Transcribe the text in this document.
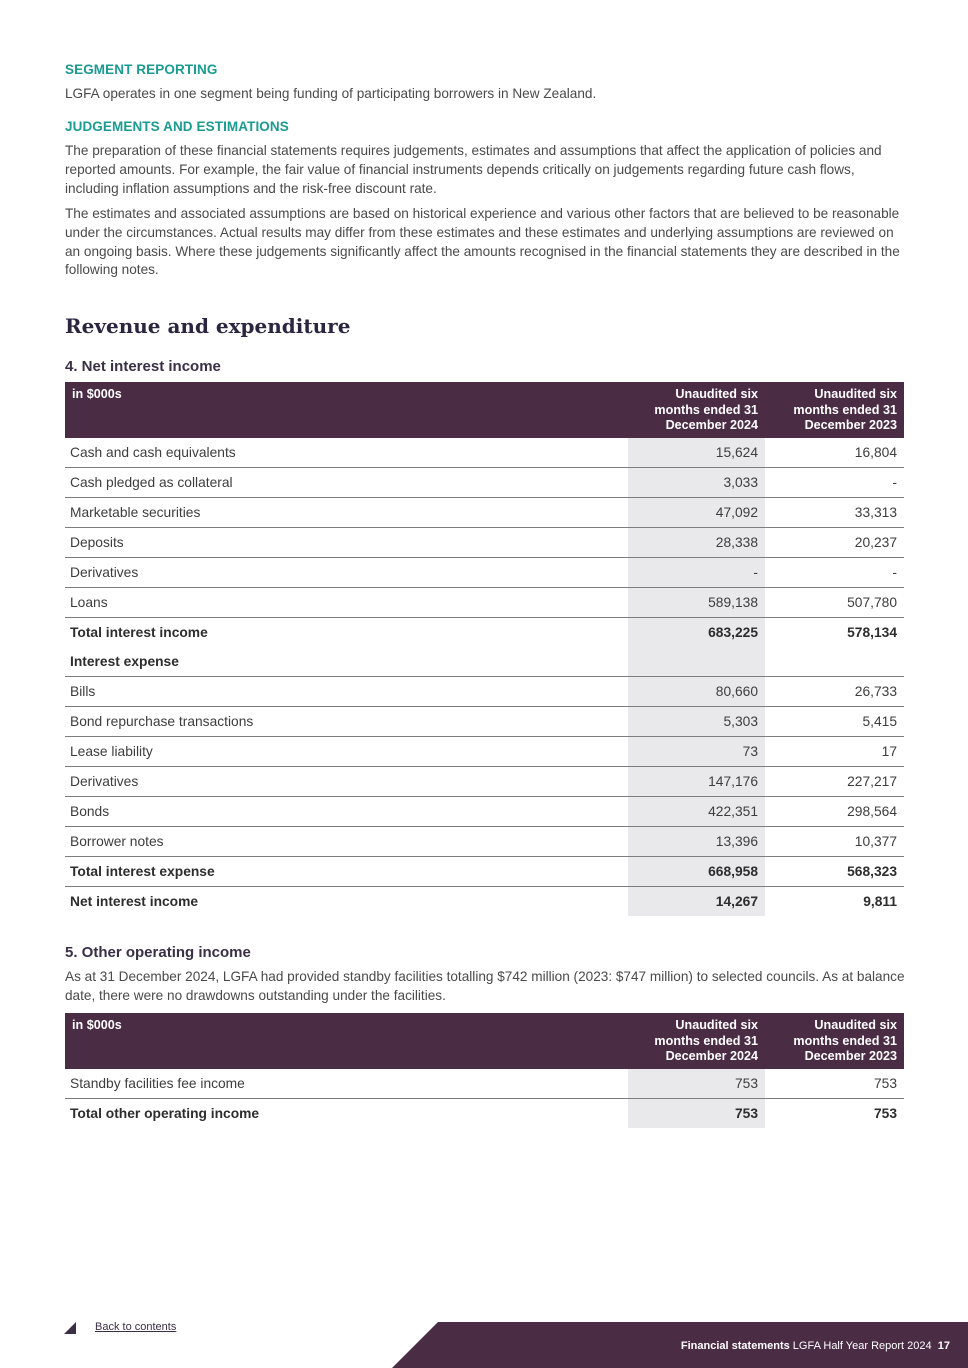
SEGMENT REPORTING
LGFA operates in one segment being funding of participating borrowers in New Zealand.
JUDGEMENTS AND ESTIMATIONS
The preparation of these financial statements requires judgements, estimates and assumptions that affect the application of policies and reported amounts. For example, the fair value of financial instruments depends critically on judgements regarding future cash flows, including inflation assumptions and the risk-free discount rate.
The estimates and associated assumptions are based on historical experience and various other factors that are believed to be reasonable under the circumstances. Actual results may differ from these estimates and these estimates and underlying assumptions are reviewed on an ongoing basis. Where these judgements significantly affect the amounts recognised in the financial statements they are described in the following notes.
Revenue and expenditure
4. Net interest income
in $000s	Unaudited six months ended 31 December 2024	Unaudited six months ended 31 December 2023
Cash and cash equivalents	15,624	16,804
Cash pledged as collateral	3,033	-
Marketable securities	47,092	33,313
Deposits	28,338	20,237
Derivatives	-	-
Loans	589,138	507,780
Total interest income	683,225	578,134
Interest expense		
Bills	80,660	26,733
Bond repurchase transactions	5,303	5,415
Lease liability	73	17
Derivatives	147,176	227,217
Bonds	422,351	298,564
Borrower notes	13,396	10,377
Total interest expense	668,958	568,323
Net interest income	14,267	9,811
5. Other operating income
As at 31 December 2024, LGFA had provided standby facilities totalling $742 million (2023: $747 million) to selected councils. As at balance date, there were no drawdowns outstanding under the facilities.
in $000s	Unaudited six months ended 31 December 2024	Unaudited six months ended 31 December 2023
Standby facilities fee income	753	753
Total other operating income	753	753
Back to contents
Financial statements LGFA Half Year Report 2024 17
